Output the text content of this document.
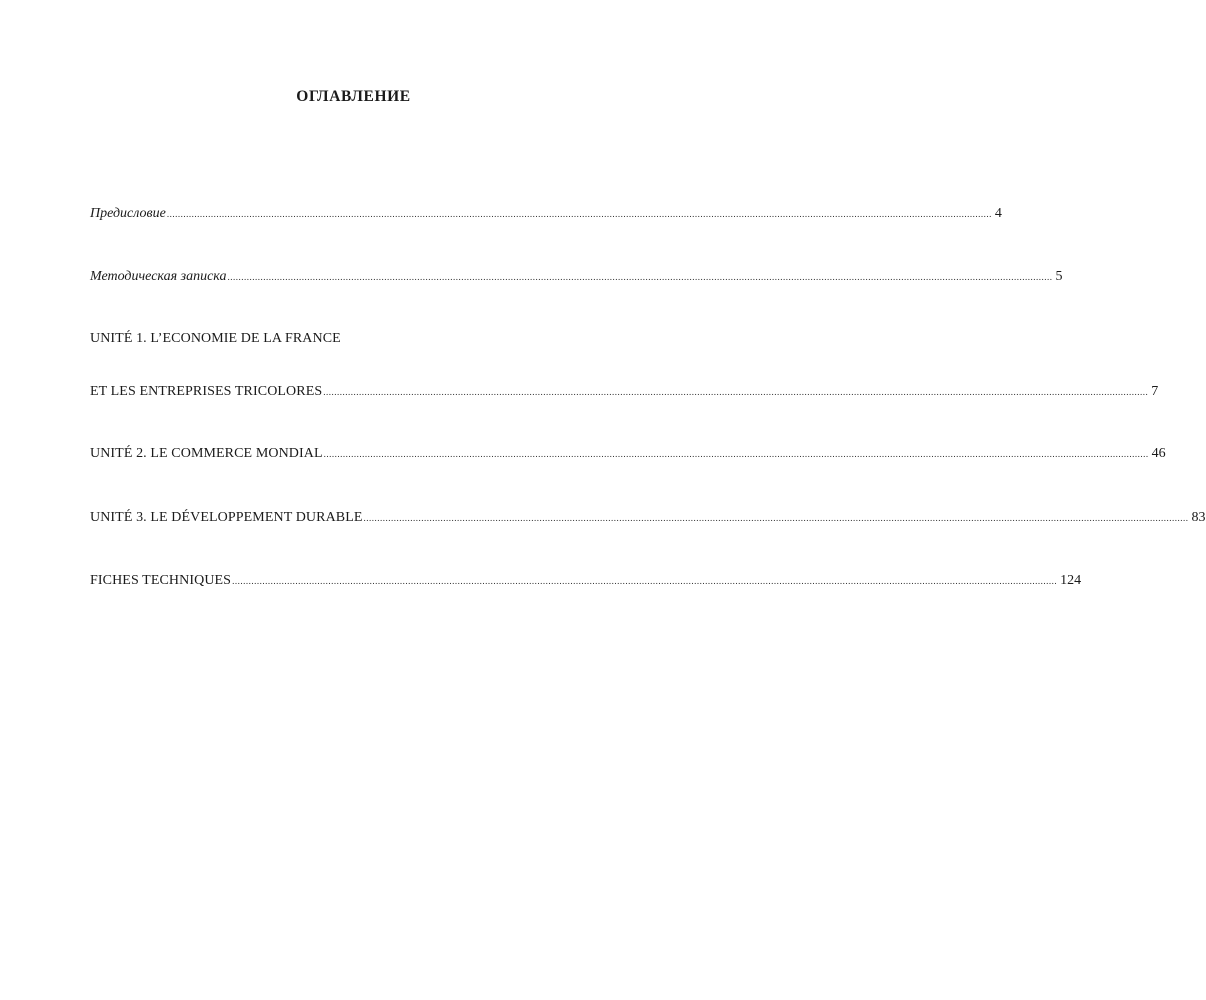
ОГЛАВЛЕНИЕ
Предисловие ............................................................................................................................................................................................................................................................................................................ 4
Методическая записка ............................................................................................................................................................................................................................................................................................................ 5
UNITÉ 1. L’ECONOMIE DE LA FRANCE
ET LES ENTREPRISES TRICOLORES ............................................................................................................................................................................................................................................................................................................ 7
UNITÉ 2. LE COMMERCE MONDIAL ............................................................................................................................................................................................................................................................................................................ 46
UNITÉ 3. LE DÉVELOPPEMENT DURABLE ............................................................................................................................................................................................................................................................................................................ 83
FICHES TECHNIQUES ............................................................................................................................................................................................................................................................................................................ 124
